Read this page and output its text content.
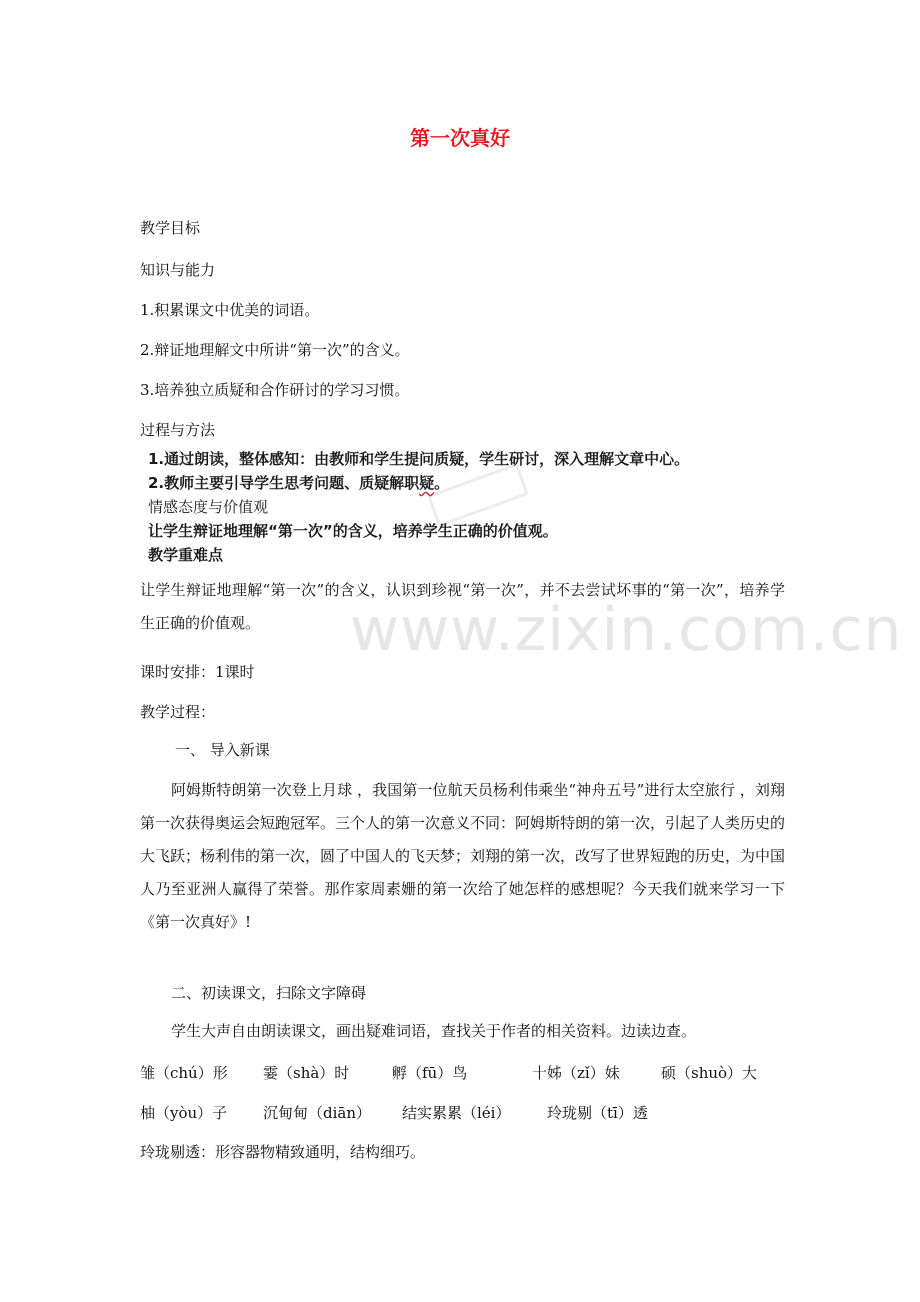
www.zixin.com.cn
第一次真好
教学目标
知识与能力
1.积累课文中优美的词语。
2.辩证地理解文中所讲“第一次”的含义。
3.培养独立质疑和合作研讨的学习习惯。
过程与方法
1.通过朗读，整体感知：由教师和学生提问质疑，学生研讨，深入理解文章中心。
2.教师主要引导学生思考问题、质疑解职疑。
情感态度与价值观
让学生辩证地理解“第一次”的含义，培养学生正确的价值观。
教学重难点
让学生辩证地理解“第一次”的含义，认识到珍视“第一次”，并不去尝试坏事的“第一次”，培养学生正确的价值观。
课时安排：1课时
教学过程：
一、 导入新课
阿姆斯特朗第一次登上月球 ，我国第一位航天员杨利伟乘坐“神舟五号”进行太空旅行 ，刘翔第一次获得奥运会短跑冠军。三个人的第一次意义不同：阿姆斯特朗的第一次，引起了人类历史的大飞跃；杨利伟的第一次，圆了中国人的飞天梦；刘翔的第一次，改写了世界短跑的历史，为中国人乃至亚洲人赢得了荣誉。那作家周素姗的第一次给了她怎样的感想呢？今天我们就来学习一下《第一次真好》!
二、初读课文，扫除文字障碍
学生大声自由朗读课文，画出疑难词语，查找关于作者的相关资料。边读边查。
雏（chú）形 霎（shà）时	孵（fū）鸟	十姊（zǐ）妹	硕（shuò）大
柚（yòu）子 沉甸甸（diān） 结实累累（léi） 玲珑剔（tī）透
玲珑剔透：形容器物精致通明，结构细巧。
